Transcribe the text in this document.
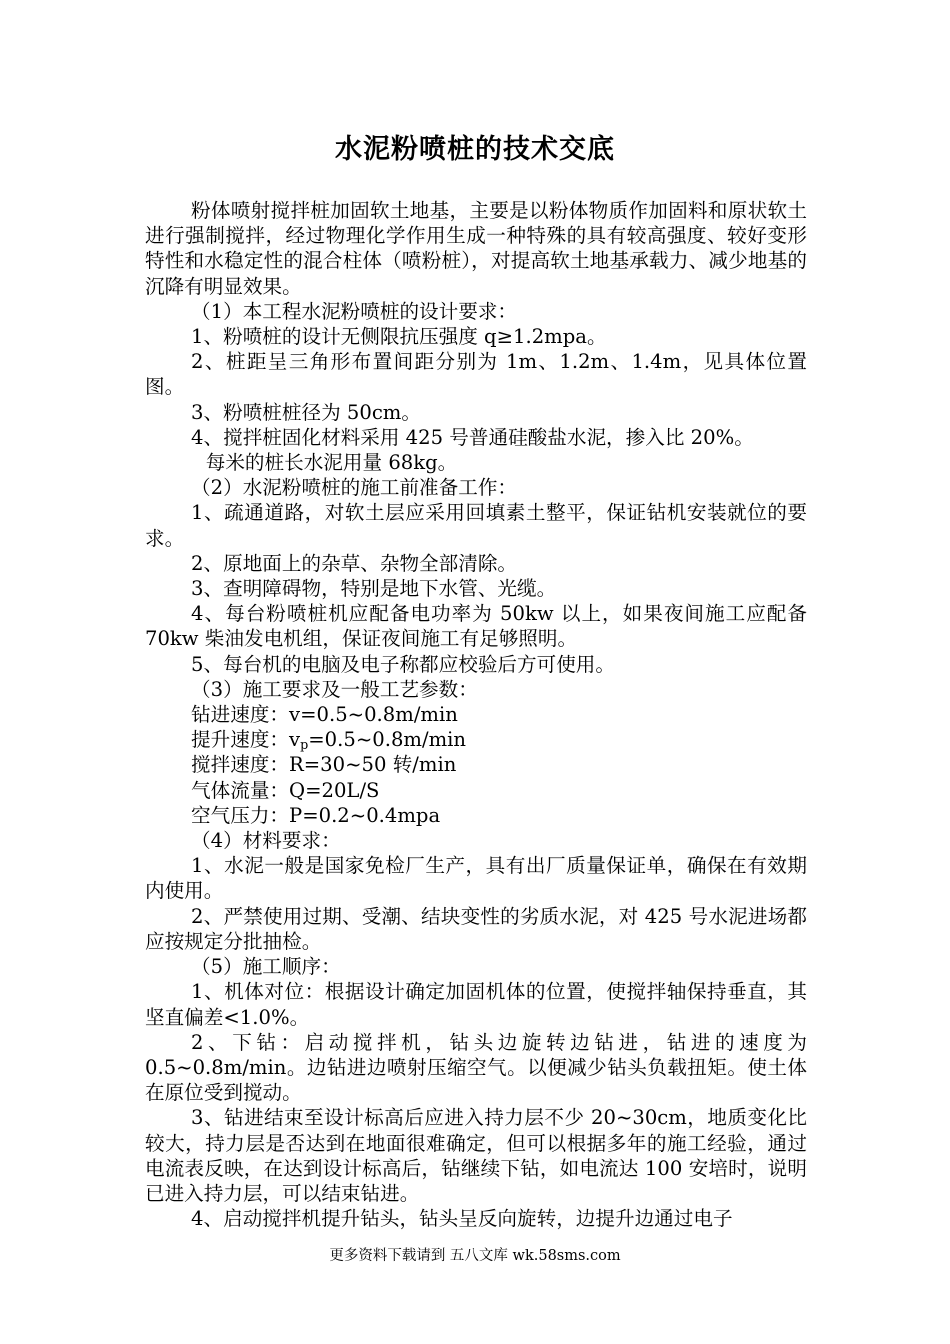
水泥粉喷桩的技术交底

粉体喷射搅拌桩加固软土地基，主要是以粉体物质作加固料和原状软土进行强制搅拌，经过物理化学作用生成一种特殊的具有较高强度、较好变形特性和水稳定性的混合柱体（喷粉桩），对提高软土地基承载力、减少地基的沉降有明显效果。

（1）本工程水泥粉喷桩的设计要求：

1、粉喷桩的设计无侧限抗压强度 q≥1.2mpa。

2、桩距呈三角形布置间距分别为 1m、1.2m、1.4m，见具体位置图。

3、粉喷桩桩径为 50cm。

4、搅拌桩固化材料采用 425 号普通硅酸盐水泥，掺入比 20%。

每米的桩长水泥用量 68kg。

（2）水泥粉喷桩的施工前准备工作：

1、疏通道路，对软土层应采用回填素土整平，保证钻机安装就位的要求。

2、原地面上的杂草、杂物全部清除。

3、查明障碍物，特别是地下水管、光缆。

4、每台粉喷桩机应配备电功率为 50kw 以上，如果夜间施工应配备 70kw 柴油发电机组，保证夜间施工有足够照明。

5、每台机的电脑及电子称都应校验后方可使用。

（3）施工要求及一般工艺参数：

钻进速度：v=0.5~0.8m/min

提升速度：$v_p=0.5\sim 0.8m/\min$

搅拌速度：R=30~50 转/min

气体流量：Q=20L/S

空气压力：P=0.2~0.4mpa

（4）材料要求：

1、水泥一般是国家免检厂生产，具有出厂质量保证单，确保在有效期内使用。

2、严禁使用过期、受潮、结块变性的劣质水泥，对 425 号水泥进场都应按规定分批抽检。

（5）施工顺序：

1、机体对位：根据设计确定加固机体的位置，使搅拌轴保持垂直，其坚直偏差<1.0%。

2、下钻：启动搅拌机，钻头边旋转边钻进，钻进的速度为 0.5~0.8m/min。边钻进边喷射压缩空气。以便减少钻头负载扭矩。使土体在原位受到搅动。

3、钻进结束至设计标高后应进入持力层不少 20~30cm，地质变化比较大，持力层是否达到在地面很难确定，但可以根据多年的施工经验，通过电流表反映，在达到设计标高后，钻继续下钻，如电流达 100 安培时，说明已进入持力层，可以结束钻进。

4、启动搅拌机提升钻头，钻头呈反向旋转，边提升边通过电子

更多资料下载请到 五八文库 wk.58sms.com
